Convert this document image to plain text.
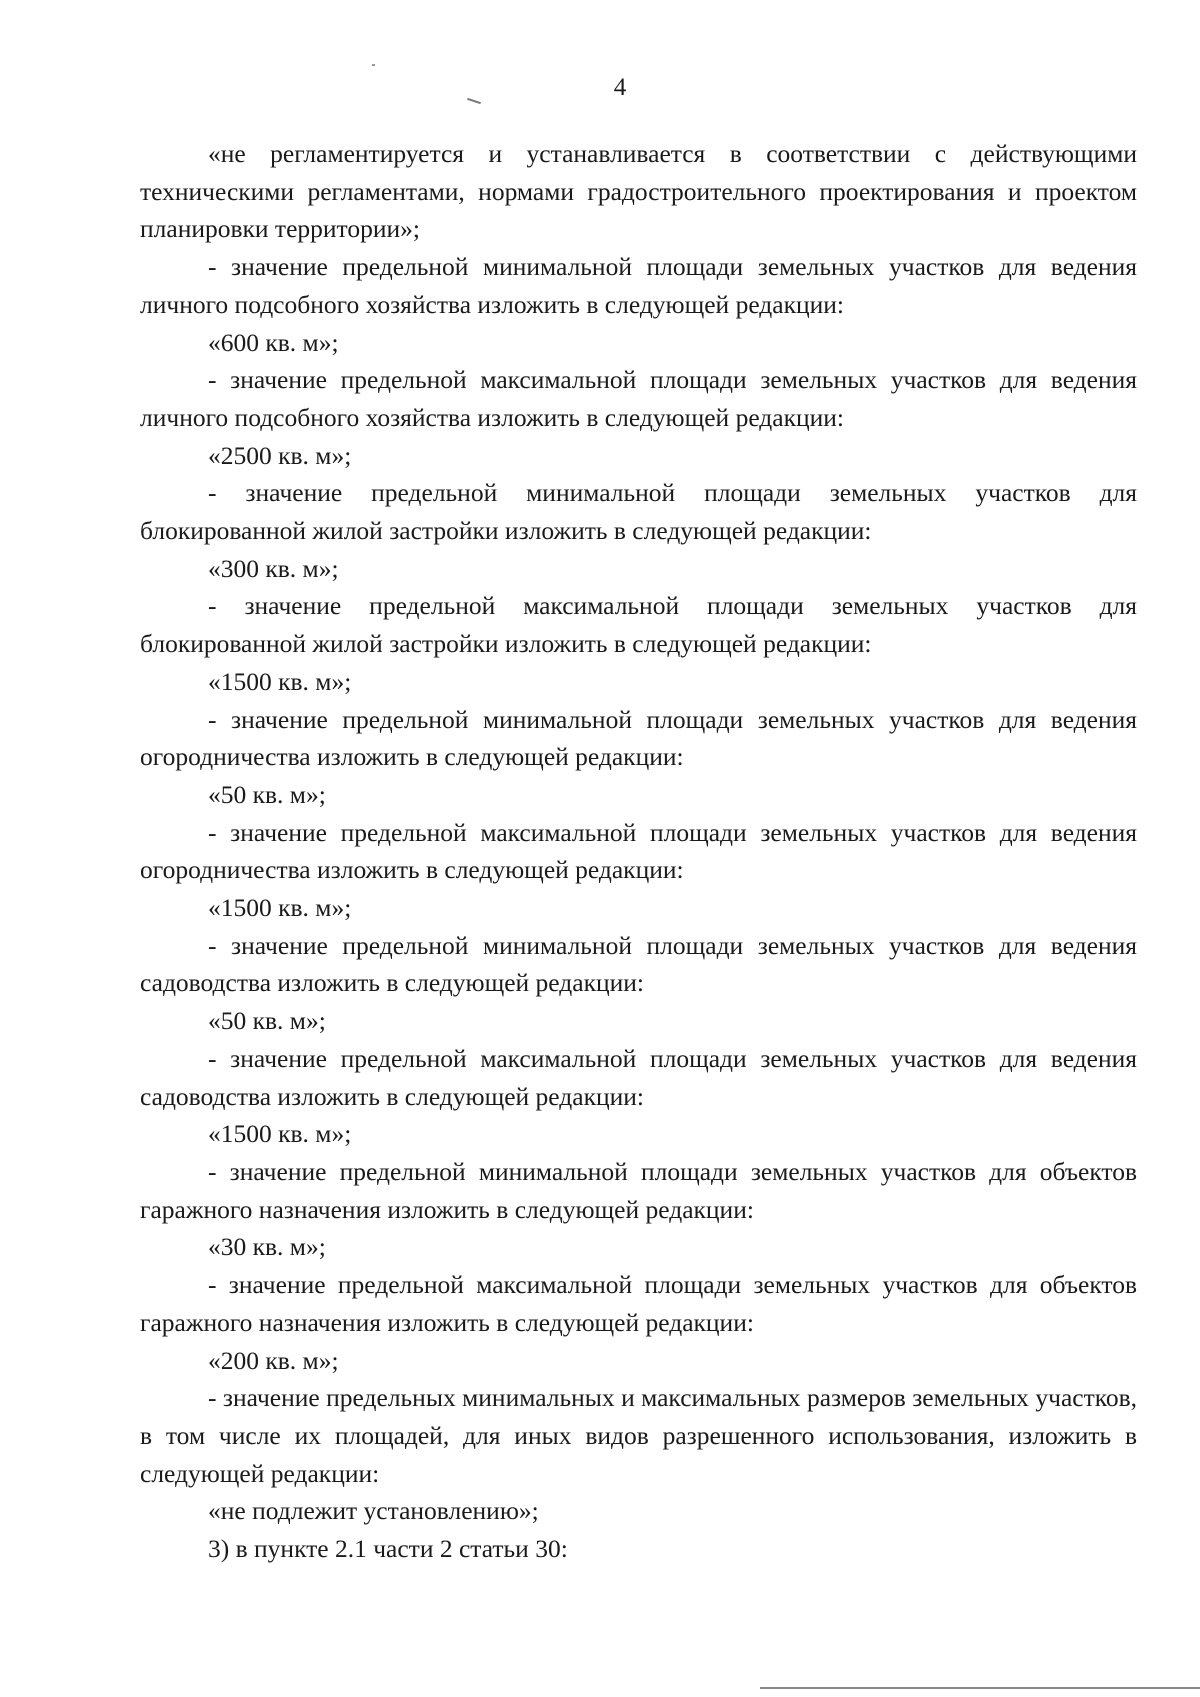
4

«не регламентируется и устанавливается в соответствии с действующими техническими регламентами, нормами градостроительного проектирования и проектом планировки территории»;

- значение предельной минимальной площади земельных участков для ведения личного подсобного хозяйства изложить в следующей редакции:

«600 кв. м»;

- значение предельной максимальной площади земельных участков для ведения личного подсобного хозяйства изложить в следующей редакции:

«2500 кв. м»;

- значение предельной минимальной площади земельных участков для блокированной жилой застройки изложить в следующей редакции:

«300 кв. м»;

- значение предельной максимальной площади земельных участков для блокированной жилой застройки изложить в следующей редакции:

«1500 кв. м»;

- значение предельной минимальной площади земельных участков для ведения огородничества изложить в следующей редакции:

«50 кв. м»;

- значение предельной максимальной площади земельных участков для ведения огородничества изложить в следующей редакции:

«1500 кв. м»;

- значение предельной минимальной площади земельных участков для ведения садоводства изложить в следующей редакции:

«50 кв. м»;

- значение предельной максимальной площади земельных участков для ведения садоводства изложить в следующей редакции:

«1500 кв. м»;

- значение предельной минимальной площади земельных участков для объектов гаражного назначения изложить в следующей редакции:

«30 кв. м»;

- значение предельной максимальной площади земельных участков для объектов гаражного назначения изложить в следующей редакции:

«200 кв. м»;

- значение предельных минимальных и максимальных размеров земельных участков, в том числе их площадей, для иных видов разрешенного использования, изложить в следующей редакции:

«не подлежит установлению»;

3) в пункте 2.1 части 2 статьи 30:
